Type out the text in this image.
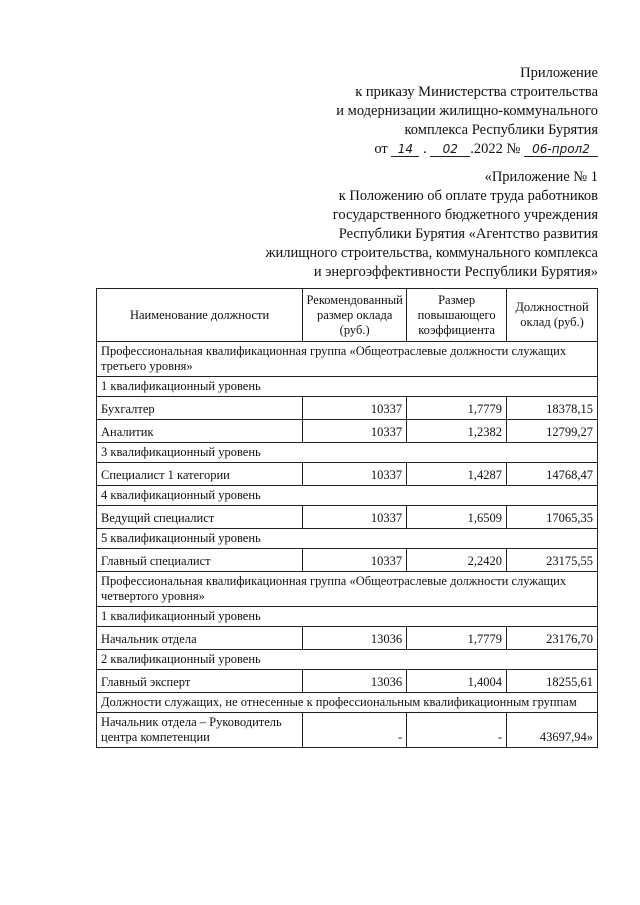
Приложение
к приказу Министерства строительства
и модернизации жилищно-коммунального
комплекса Республики Бурятия
от 14 . 02 .2022 № 06-прол2
«Приложение № 1
к Положению об оплате труда работников
государственного бюджетного учреждения
Республики Бурятия «Агентство развития
жилищного строительства, коммунального комплекса
и энергоэффективности Республики Бурятия»
Наименование должности	Рекомендованный размер оклада (руб.)	Размер повышающего коэффициента	Должностной оклад (руб.)
Профессиональная квалификационная группа «Общеотраслевые должности служащих третьего уровня»			
1 квалификационный уровень			
Бухгалтер	10337	1,7779	18378,15
Аналитик	10337	1,2382	12799,27
3 квалификационный уровень			
Специалист 1 категории	10337	1,4287	14768,47
4 квалификационный уровень			
Ведущий специалист	10337	1,6509	17065,35
5 квалификационный уровень			
Главный специалист	10337	2,2420	23175,55
Профессиональная квалификационная группа «Общеотраслевые должности служащих четвертого уровня»			
1 квалификационный уровень			
Начальник отдела	13036	1,7779	23176,70
2 квалификационный уровень			
Главный эксперт	13036	1,4004	18255,61
Должности служащих, не отнесенные к профессиональным квалификационным группам			
Начальник отдела – Руководитель центра компетенции	-	-	43697,94»
